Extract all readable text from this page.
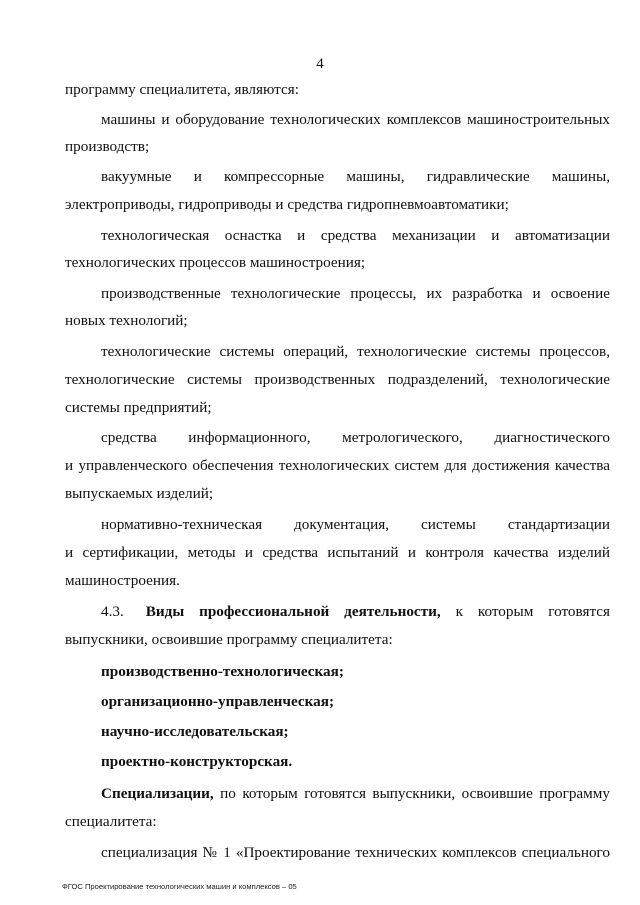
4
программу специалитета, являются:
машины и оборудование технологических комплексов машиностроительных
производств;
вакуумные и компрессорные машины, гидравлические машины,
электроприводы, гидроприводы и средства гидропневмоавтоматики;
технологическая оснастка и средства механизации и автоматизации
технологических процессов машиностроения;
производственные технологические процессы, их разработка и освоение
новых технологий;
технологические системы операций, технологические системы процессов,
технологические системы производственных подразделений, технологические
системы предприятий;
средства информационного, метрологического, диагностического
и управленческого обеспечения технологических систем для достижения качества
выпускаемых изделий;
нормативно-техническая документация, системы стандартизации
и сертификации, методы и средства испытаний и контроля качества изделий
машиностроения.
4.3. Виды профессиональной деятельности, к которым готовятся
выпускники, освоившие программу специалитета:
производственно-технологическая;
организационно-управленческая;
научно-исследовательская;
проектно-конструкторская.
Специализации, по которым готовятся выпускники, освоившие программу
специалитета:
специализация № 1 «Проектирование технических комплексов специального
ФГОС Проектирование технологических машин и комплексов – 05
